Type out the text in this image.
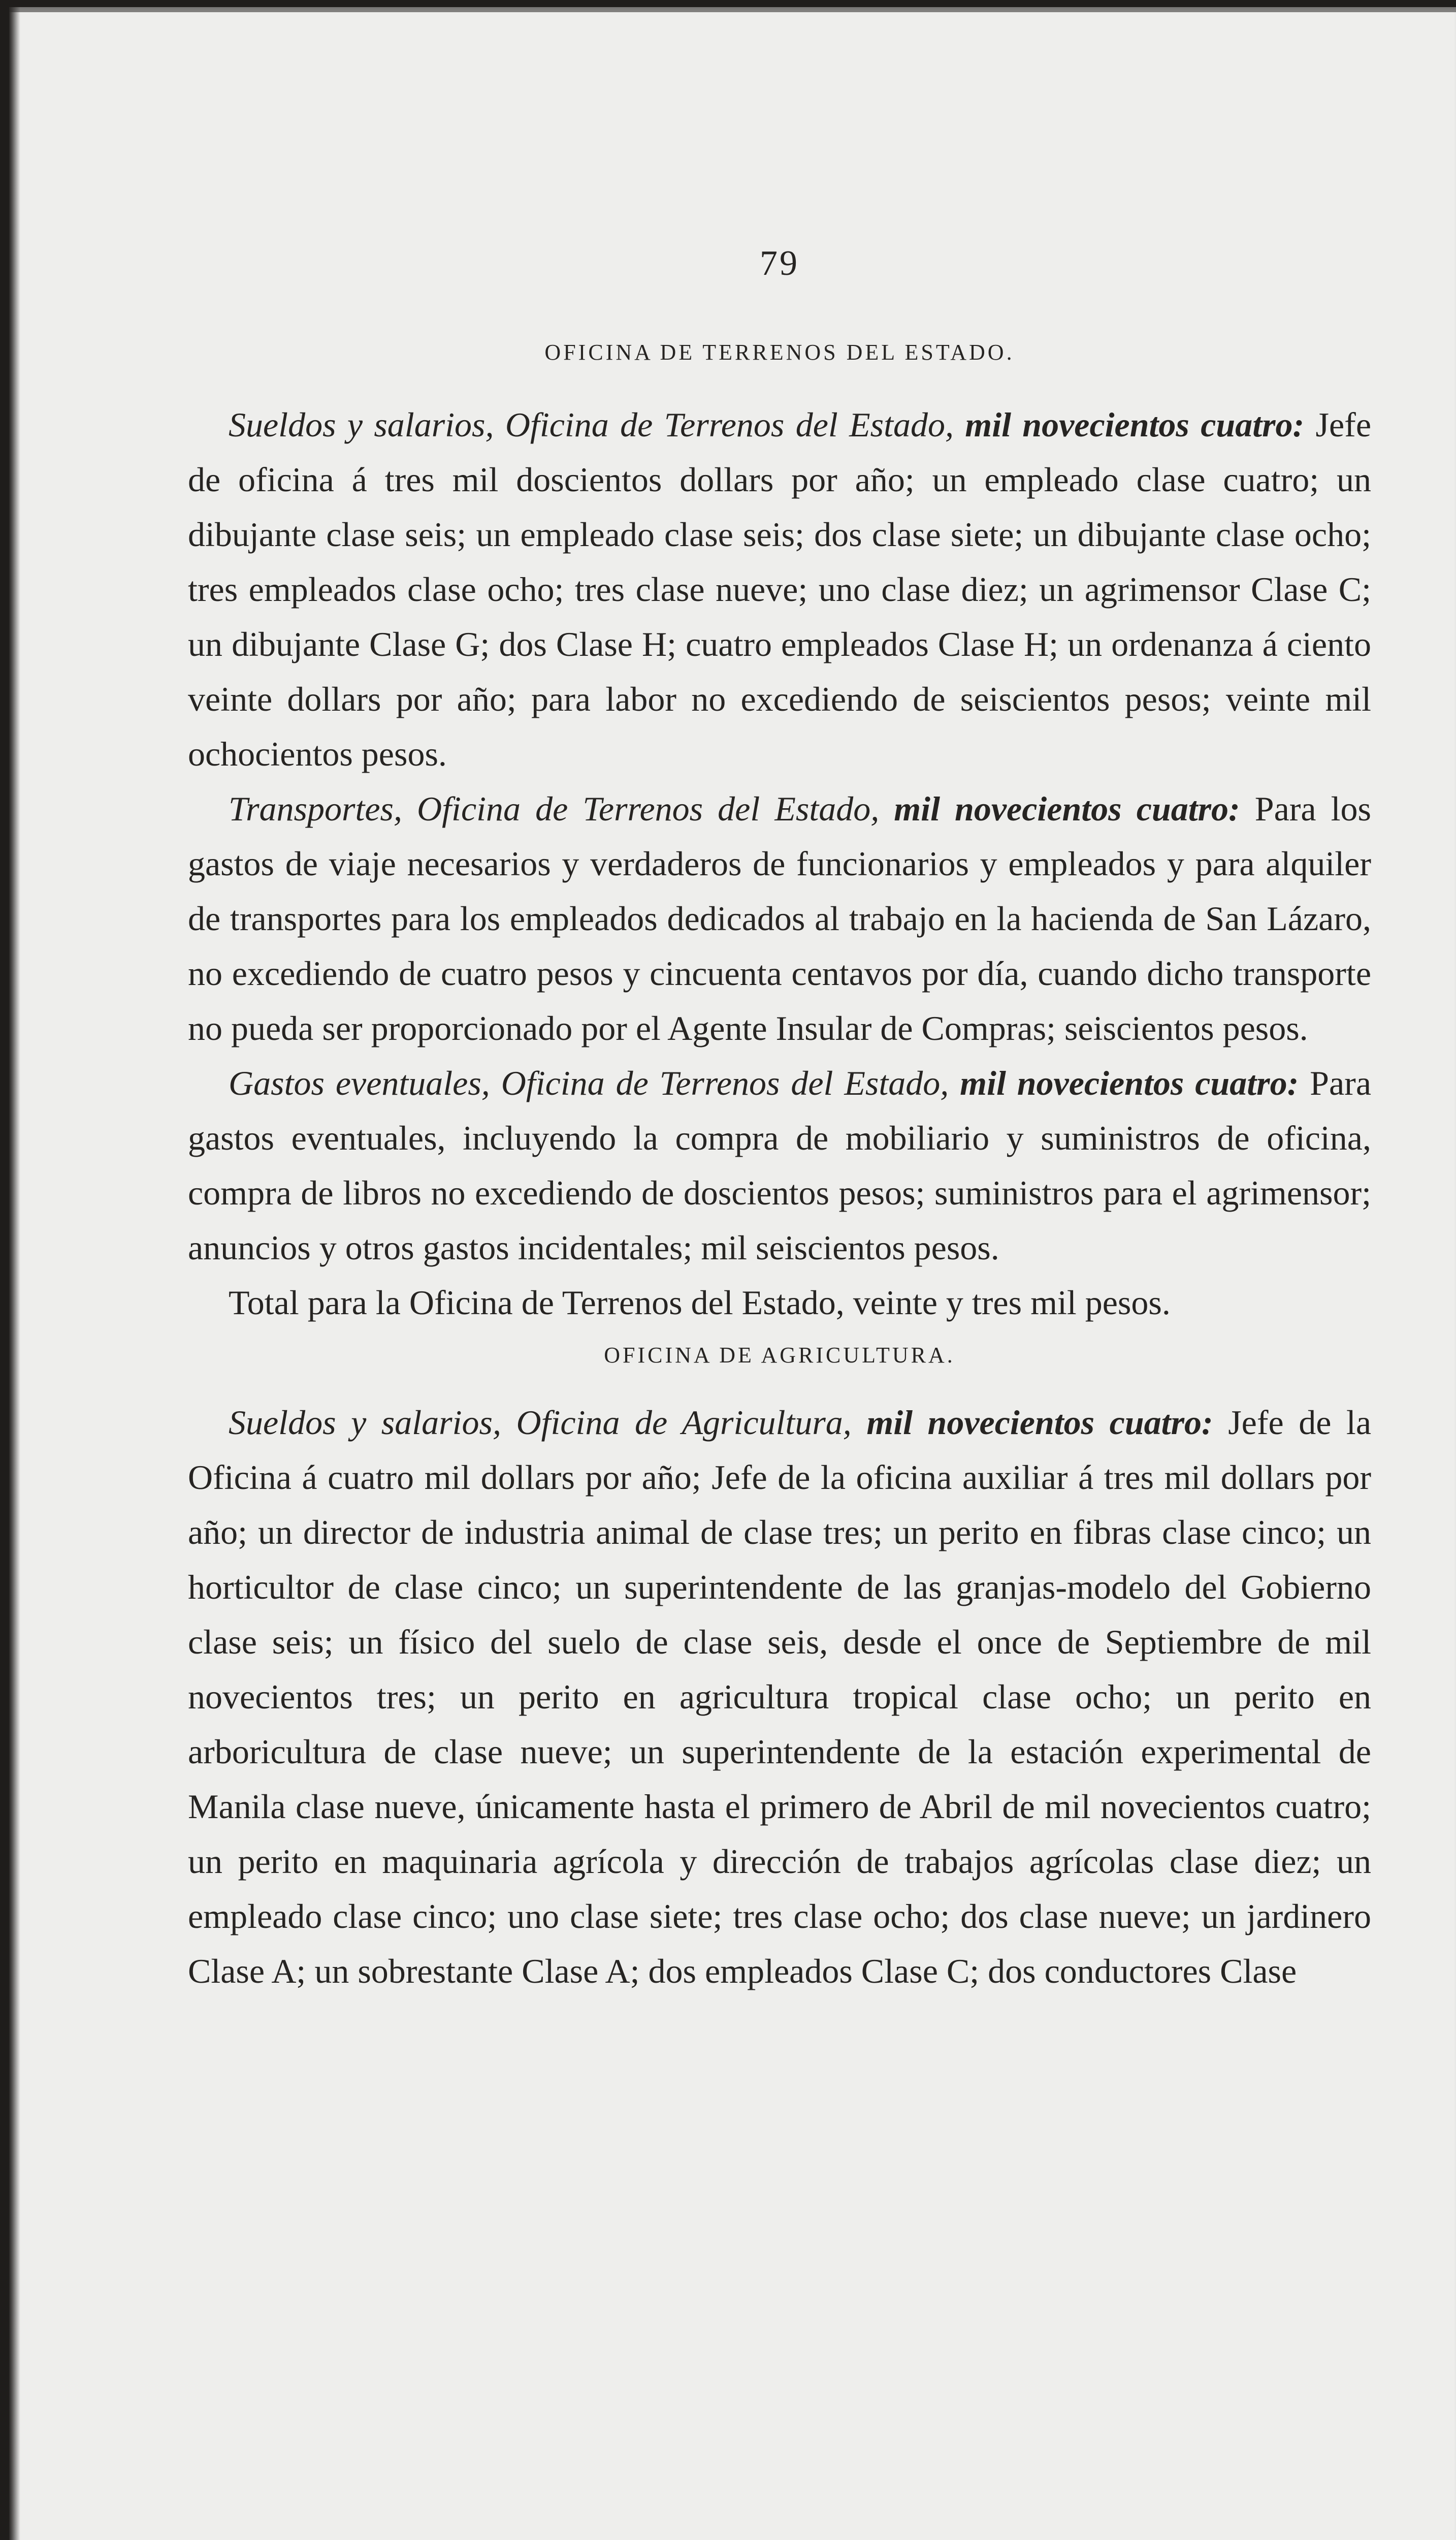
79
OFICINA DE TERRENOS DEL ESTADO.

Sueldos y salarios, Oficina de Terrenos del Estado, mil novecientos cuatro: Jefe de oficina á tres mil doscientos dollars por año; un empleado clase cuatro; un dibujante clase seis; un empleado clase seis; dos clase siete; un dibujante clase ocho; tres empleados clase ocho; tres clase nueve; uno clase diez; un agrimensor Clase C; un dibujante Clase G; dos Clase H; cuatro empleados Clase H; un ordenanza á ciento veinte dollars por año; para labor no excediendo de seiscientos pesos; veinte mil ochocientos pesos.

Transportes, Oficina de Terrenos del Estado, mil novecientos cuatro: Para los gastos de viaje necesarios y verdaderos de funcionarios y empleados y para alquiler de transportes para los empleados dedicados al trabajo en la hacienda de San Lázaro, no excediendo de cuatro pesos y cincuenta centavos por día, cuando dicho transporte no pueda ser proporcionado por el Agente Insular de Compras; seiscientos pesos.

Gastos eventuales, Oficina de Terrenos del Estado, mil novecientos cuatro: Para gastos eventuales, incluyendo la compra de mobiliario y suministros de oficina, compra de libros no excediendo de doscientos pesos; suministros para el agrimensor; anuncios y otros gastos incidentales; mil seiscientos pesos.

Total para la Oficina de Terrenos del Estado, veinte y tres mil pesos.

OFICINA DE AGRICULTURA.

Sueldos y salarios, Oficina de Agricultura, mil novecientos cuatro: Jefe de la Oficina á cuatro mil dollars por año; Jefe de la oficina auxiliar á tres mil dollars por año; un director de industria animal de clase tres; un perito en fibras clase cinco; un horticultor de clase cinco; un superintendente de las granjas-modelo del Gobierno clase seis; un físico del suelo de clase seis, desde el once de Septiembre de mil novecientos tres; un perito en agricultura tropical clase ocho; un perito en arboricultura de clase nueve; un superintendente de la estación experimental de Manila clase nueve, únicamente hasta el primero de Abril de mil novecientos cuatro; un perito en maquinaria agrícola y dirección de trabajos agrícolas clase diez; un empleado clase cinco; uno clase siete; tres clase ocho; dos clase nueve; un jardinero Clase A; un sobrestante Clase A; dos empleados Clase C; dos conductores Clase
